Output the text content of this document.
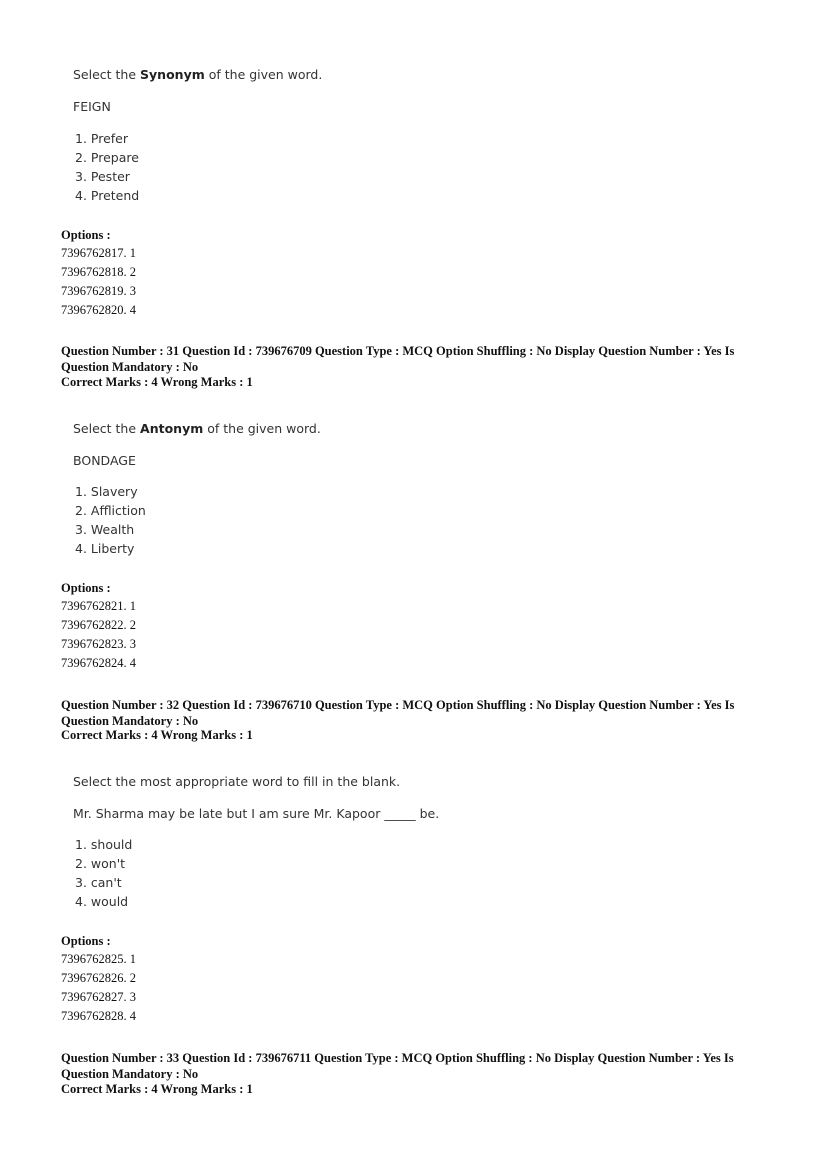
Select the Synonym of the given word.
FEIGN
1. Prefer
2. Prepare
3. Pester
4. Pretend
Options :
7396762817. 1
7396762818. 2
7396762819. 3
7396762820. 4
Question Number : 31 Question Id : 739676709 Question Type : MCQ Option Shuffling : No Display Question Number : Yes Is Question Mandatory : No
Correct Marks : 4 Wrong Marks : 1
Select the Antonym of the given word.
BONDAGE
1. Slavery
2. Affliction
3. Wealth
4. Liberty
Options :
7396762821. 1
7396762822. 2
7396762823. 3
7396762824. 4
Question Number : 32 Question Id : 739676710 Question Type : MCQ Option Shuffling : No Display Question Number : Yes Is Question Mandatory : No
Correct Marks : 4 Wrong Marks : 1
Select the most appropriate word to fill in the blank.
Mr. Sharma may be late but I am sure Mr. Kapoor _____ be.
1. should
2. won't
3. can't
4. would
Options :
7396762825. 1
7396762826. 2
7396762827. 3
7396762828. 4
Question Number : 33 Question Id : 739676711 Question Type : MCQ Option Shuffling : No Display Question Number : Yes Is Question Mandatory : No
Correct Marks : 4 Wrong Marks : 1
